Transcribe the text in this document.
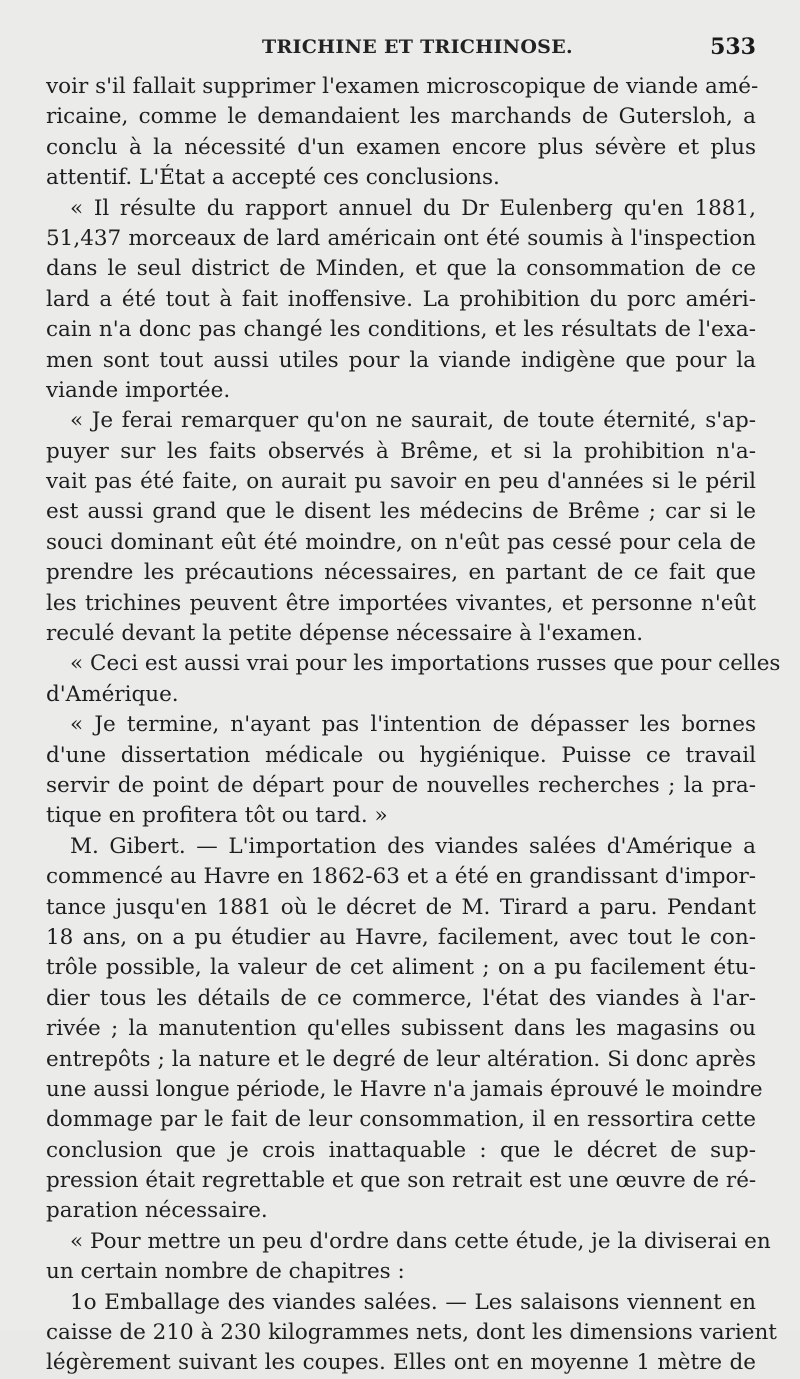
TRICHINE ET TRICHINOSE.	533
voir s'il fallait supprimer l'examen microscopique de viande amé-
ricaine, comme le demandaient les marchands de Gutersloh, a
conclu à la nécessité d'un examen encore plus sévère et plus
attentif. L'État a accepté ces conclusions.
« Il résulte du rapport annuel du Dr Eulenberg qu'en 1881,
51,437 morceaux de lard américain ont été soumis à l'inspection
dans le seul district de Minden, et que la consommation de ce
lard a été tout à fait inoffensive. La prohibition du porc améri-
cain n'a donc pas changé les conditions, et les résultats de l'exa-
men sont tout aussi utiles pour la viande indigène que pour la
viande importée.
« Je ferai remarquer qu'on ne saurait, de toute éternité, s'ap-
puyer sur les faits observés à Brême, et si la prohibition n'a-
vait pas été faite, on aurait pu savoir en peu d'années si le péril
est aussi grand que le disent les médecins de Brême ; car si le
souci dominant eût été moindre, on n'eût pas cessé pour cela de
prendre les précautions nécessaires, en partant de ce fait que
les trichines peuvent être importées vivantes, et personne n'eût
reculé devant la petite dépense nécessaire à l'examen.
« Ceci est aussi vrai pour les importations russes que pour celles
d'Amérique.
« Je termine, n'ayant pas l'intention de dépasser les bornes
d'une dissertation médicale ou hygiénique. Puisse ce travail
servir de point de départ pour de nouvelles recherches ; la pra-
tique en profitera tôt ou tard. »
M. Gibert. — L'importation des viandes salées d'Amérique a
commencé au Havre en 1862-63 et a été en grandissant d'impor-
tance jusqu'en 1881 où le décret de M. Tirard a paru. Pendant
18 ans, on a pu étudier au Havre, facilement, avec tout le con-
trôle possible, la valeur de cet aliment ; on a pu facilement étu-
dier tous les détails de ce commerce, l'état des viandes à l'ar-
rivée ; la manutention qu'elles subissent dans les magasins ou
entrepôts ; la nature et le degré de leur altération. Si donc après
une aussi longue période, le Havre n'a jamais éprouvé le moindre
dommage par le fait de leur consommation, il en ressortira cette
conclusion que je crois inattaquable : que le décret de sup-
pression était regrettable et que son retrait est une œuvre de ré-
paration nécessaire.
« Pour mettre un peu d'ordre dans cette étude, je la diviserai en
un certain nombre de chapitres :
1o Emballage des viandes salées. — Les salaisons viennent en
caisse de 210 à 230 kilogrammes nets, dont les dimensions varient
légèrement suivant les coupes. Elles ont en moyenne 1 mètre de
